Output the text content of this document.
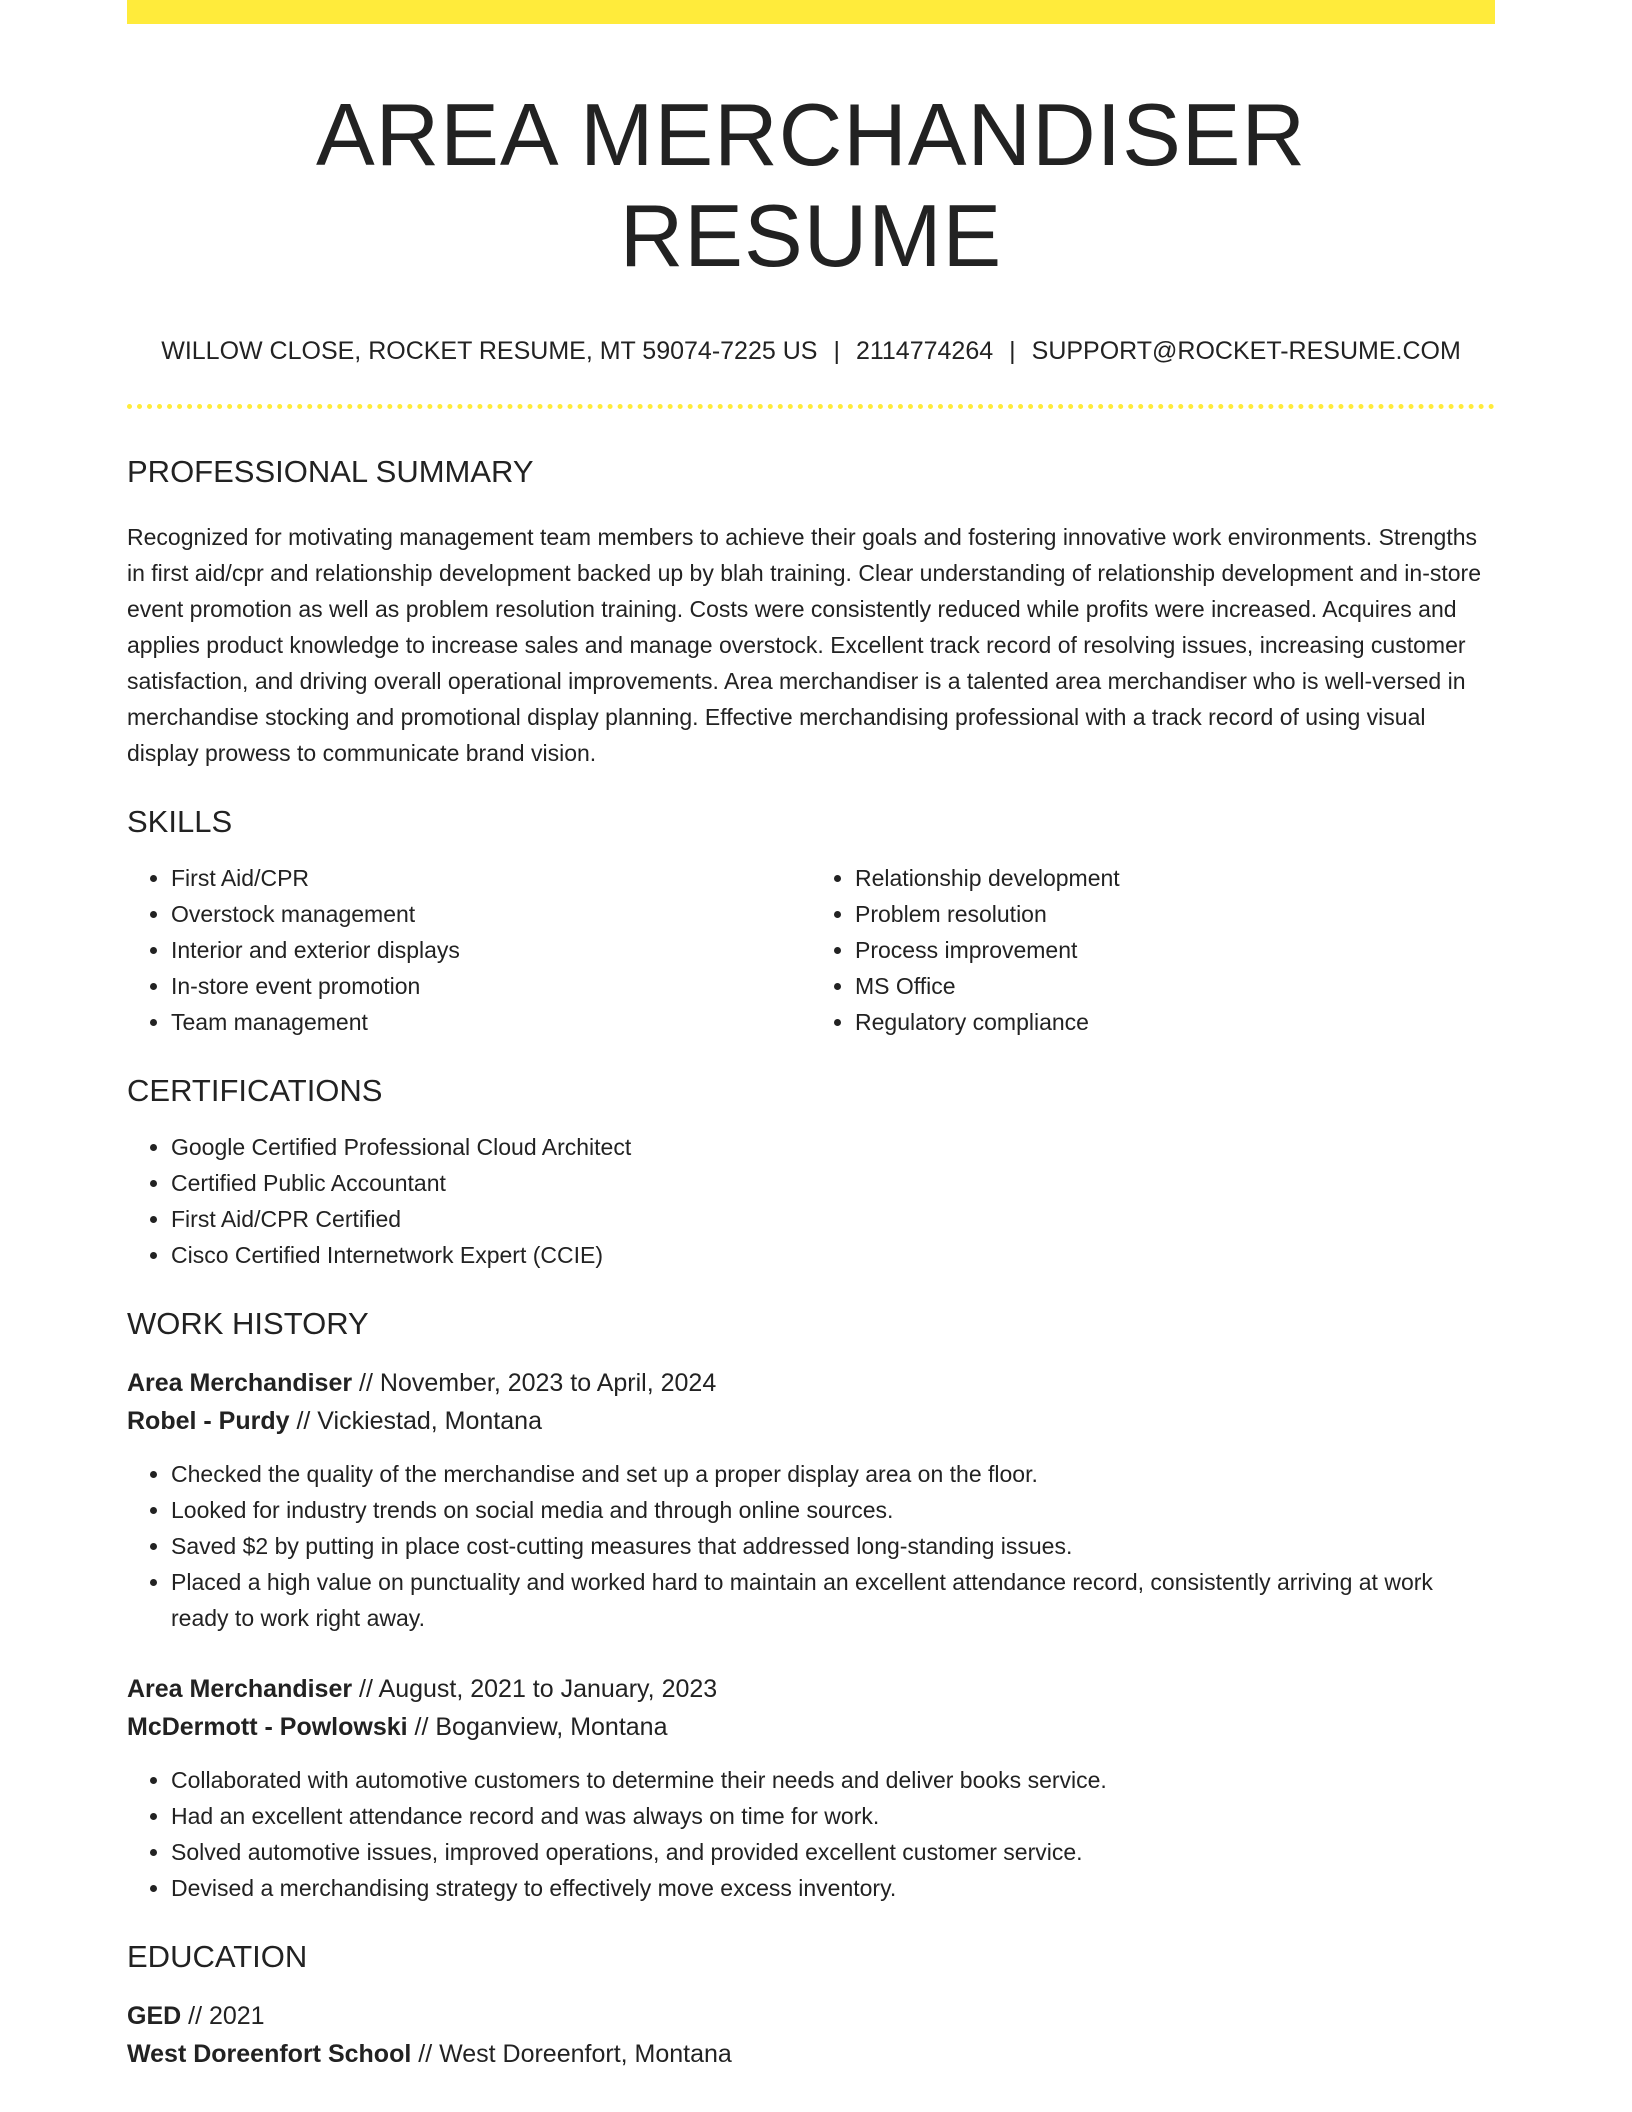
AREA MERCHANDISER RESUME
WILLOW CLOSE, ROCKET RESUME, MT 59074-7225 US | 2114774264 | SUPPORT@ROCKET-RESUME.COM
PROFESSIONAL SUMMARY

Recognized for motivating management team members to achieve their goals and fostering innovative work environments. Strengths in first aid/cpr and relationship development backed up by blah training. Clear understanding of relationship development and in-store event promotion as well as problem resolution training. Costs were consistently reduced while profits were increased. Acquires and applies product knowledge to increase sales and manage overstock. Excellent track record of resolving issues, increasing customer satisfaction, and driving overall operational improvements. Area merchandiser is a talented area merchandiser who is well-versed in merchandise stocking and promotional display planning. Effective merchandising professional with a track record of using visual display prowess to communicate brand vision.

SKILLS
• First Aid/CPR
• Overstock management
• Interior and exterior displays
• In-store event promotion
• Team management
• Relationship development
• Problem resolution
• Process improvement
• MS Office
• Regulatory compliance
CERTIFICATIONS
• Google Certified Professional Cloud Architect
• Certified Public Accountant
• First Aid/CPR Certified
• Cisco Certified Internetwork Expert (CCIE)
WORK HISTORY

Area Merchandiser // November, 2023 to April, 2024

Robel - Purdy // Vickiestad, Montana

• Checked the quality of the merchandise and set up a proper display area on the floor.
• Looked for industry trends on social media and through online sources.
• Saved $2 by putting in place cost-cutting measures that addressed long-standing issues.
• Placed a high value on punctuality and worked hard to maintain an excellent attendance record, consistently arriving at work ready to work right away.

Area Merchandiser // August, 2021 to January, 2023

McDermott - Powlowski // Boganview, Montana

• Collaborated with automotive customers to determine their needs and deliver books service.
• Had an excellent attendance record and was always on time for work.
• Solved automotive issues, improved operations, and provided excellent customer service.
• Devised a merchandising strategy to effectively move excess inventory.
EDUCATION

GED // 2021

West Doreenfort School // West Doreenfort, Montana
